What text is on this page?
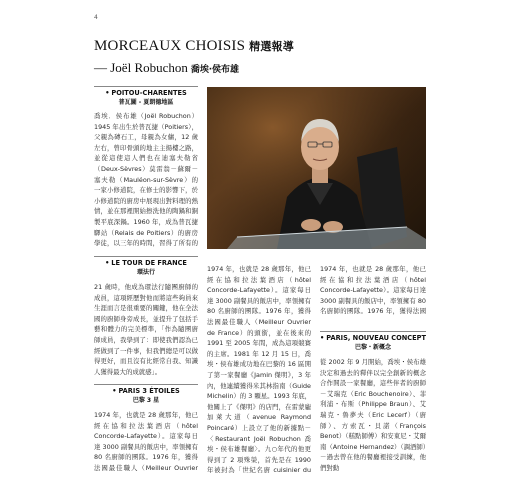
4
MORCEAUX CHOISIS 精選報導
— Joël Robuchon 喬埃‧侯布雄
• POITOU-CHARENTES
普瓦圖 - 夏朗德地區
喬埃．侯布雄（Joël Robuchon）1945 年出生於普瓦捷（Poitiers），父親為磚石工，母親為女傭，12 歲左右，曾印骨頭的地主主揚樓之路，並從這使這人們也在迪塞夫勒省（Deux-Sèvres）莫雷翁－蘇爾－塞夫勒（Mauléon-sur-Sèvre）的一家小修道院，在修士的影響下，於小修道院的廚房中展現出對料理的熱情，並在那裡開始擦洗他的陶鍋和銅製平底深鍋。1960 年，成為普瓦捷驛站（Relais de Poitiers）的廚房學徒，以三年的時間，習得了所有的
• LE TOUR DE FRANCE
環法行
21 歲時，他成為環法行隨團廚師的成員，這項經歷對他而將這些夠員來生涯而言是很重要的關鍵，他在全法國的廚師身旁成長，並提升了包括手藝和體力的完美標準，「作為隨團廚師成員，我學到了：即使我們認為已經做到了一件事，但我們總是可以做得更好，而且沒有比經常自我、知識人獲得最大的成就感」。
• PARIS 3 ÉTOILES
巴黎 3 星
1974 年，也就是 28 歲那年，他已經在協和拉法葉酒店（hôtel Concorde-Lafayette）。這家每日達 3000 副餐具的飯店中，率領擁有 80 名廚師的團隊。1976 年，獲得法國最佳職人（Meilleur Ouvrier
1974 年，也就是 28 歲那年，他已經在協和拉法葉酒店（hôtel Concorde-Lafayette）。這家每日達 3000 副餐具的飯店中，率領擁有 80 名廚師的團隊。1976 年，獲得法國最佳職人（Meilleur Ouvrier de France）的頭銜，並在後來的 1991 至 2005 年間，成為這項競賽的主席。1981 年 12 月 15 日，喬埃・侯布雄成功地在巴黎的 16 區開了第一家餐廳《Jamin 傑明》，3 年內，他連續獲得米其林指南（Guide Michelin）的 3 顆星。1993 年底，他關上了《傑明》的店門，在雷蒙龐加萊大道（avenue Raymond Poincaré）上設立了他的新據點－〈Restaurant Joël Robuchon 喬埃・侯布雄餐廳〉。九○年代的他更得到了 2 項殊榮，首先是在 1990 年被封為「世紀名廚 cuisinier du
1974 年，也就是 28 歲那年，他已經在協和拉法葉酒店（hôtel Concorde-Lafayette）。這家每日達 3000 副餐具的飯店中，率領擁有 80 名廚師的團隊。1976 年，獲得法國
• PARIS, NOUVEAU CONCEPT
巴黎・新概念
從 2002 年 9 月開始，喬埃・侯布雄決定和過去的釋伴以完全創新的概念合作開設一家餐廳，這些伴者的廚師－艾瑞克（Eric Bouchenoire）、菲利浦・布斯（Philippe Braun）、艾瑞克・鲁夢夫（Eric Lecerf）（廚師）、方索瓦・貝諾（François Benot）（糕點師傅）和安東尼・艾爾南（Antoine Hernandez）（調酒師）－過去曾在他的餐廳裡接受訓練，他們對動
